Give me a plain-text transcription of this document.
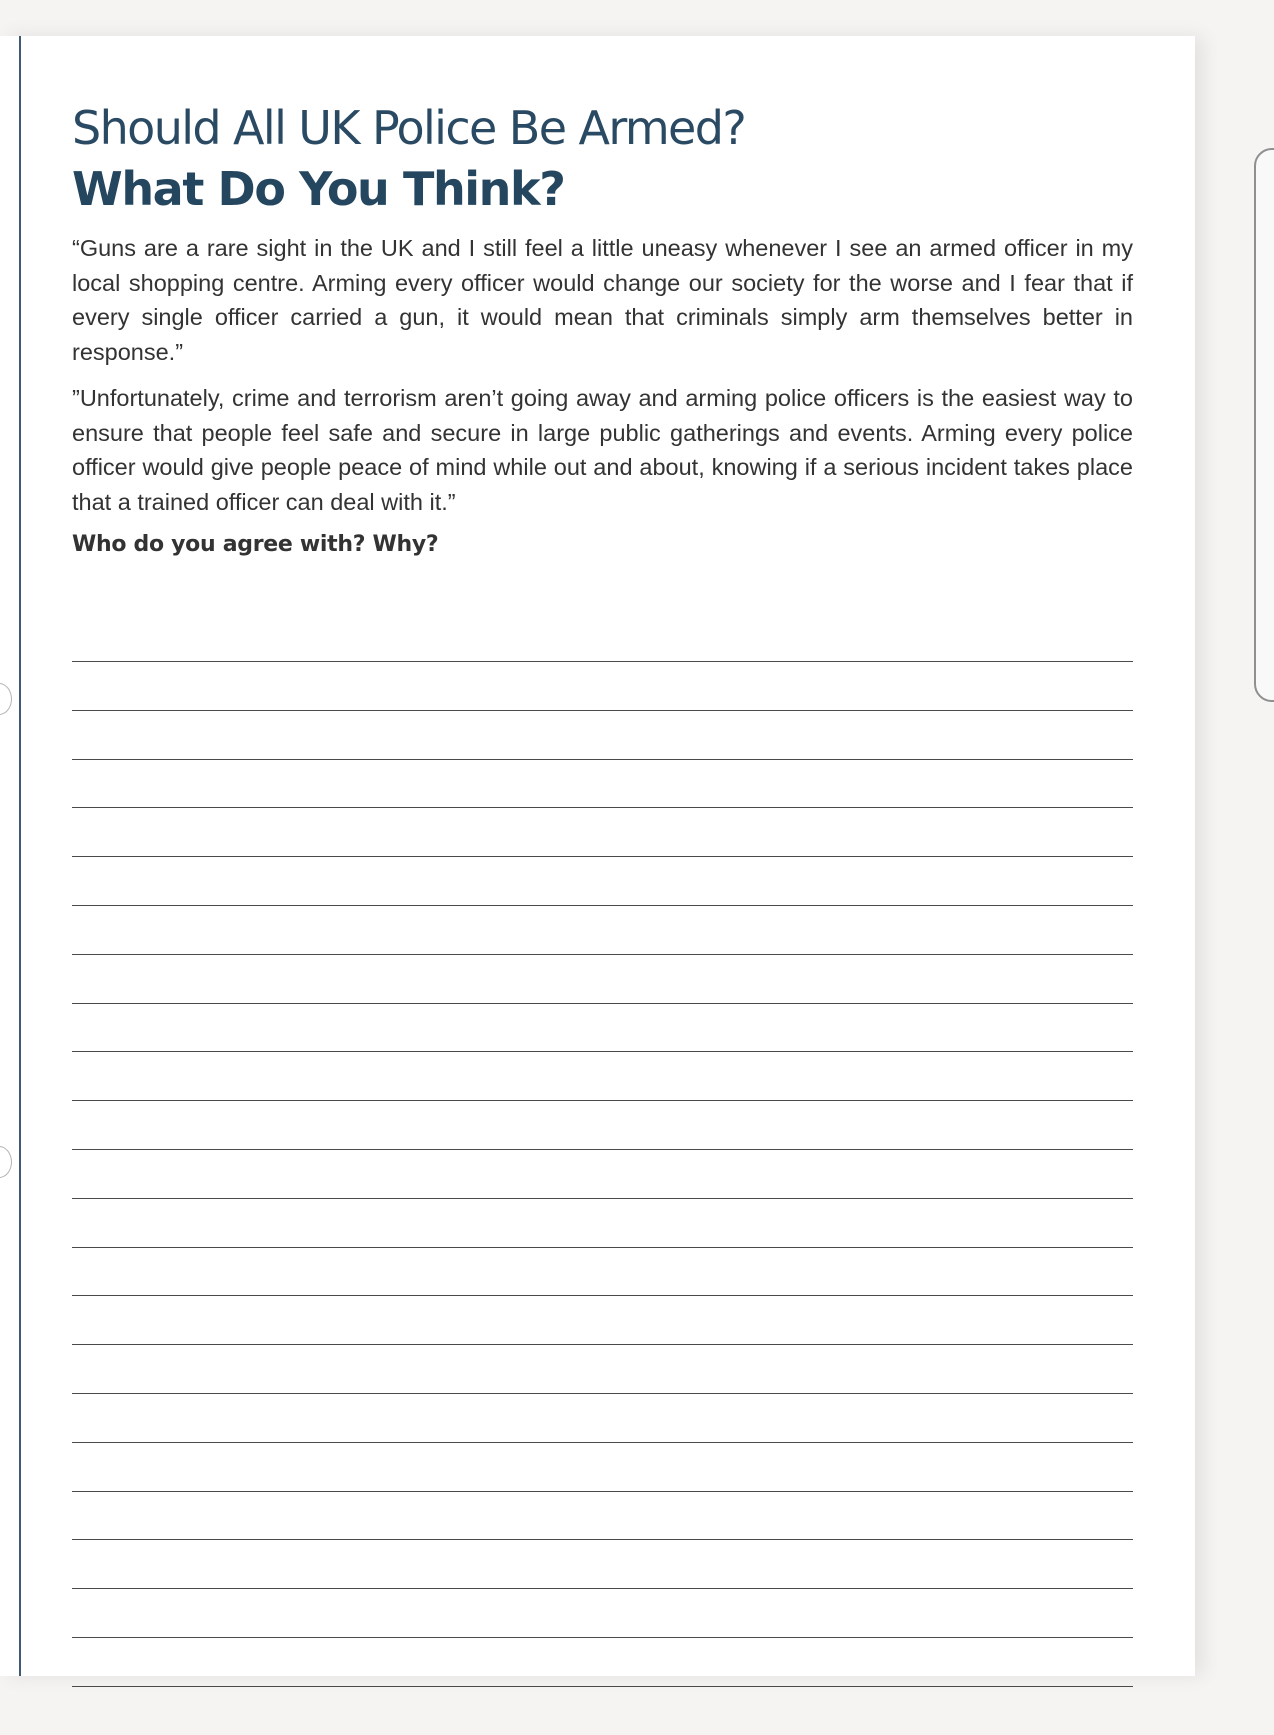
Should All UK Police Be Armed?
What Do You Think?

“Guns are a rare sight in the UK and I still feel a little uneasy whenever I see an armed officer in my local shopping centre. Arming every officer would change our society for the worse and I fear that if every single officer carried a gun, it would mean that criminals simply arm themselves better in response.”

”Unfortunately, crime and terrorism aren’t going away and arming police officers is the easiest way to ensure that people feel safe and secure in large public gatherings and events. Arming every police officer would give people peace of mind while out and about, knowing if a serious incident takes place that a trained officer can deal with it.”

Who do you agree with? Why?
